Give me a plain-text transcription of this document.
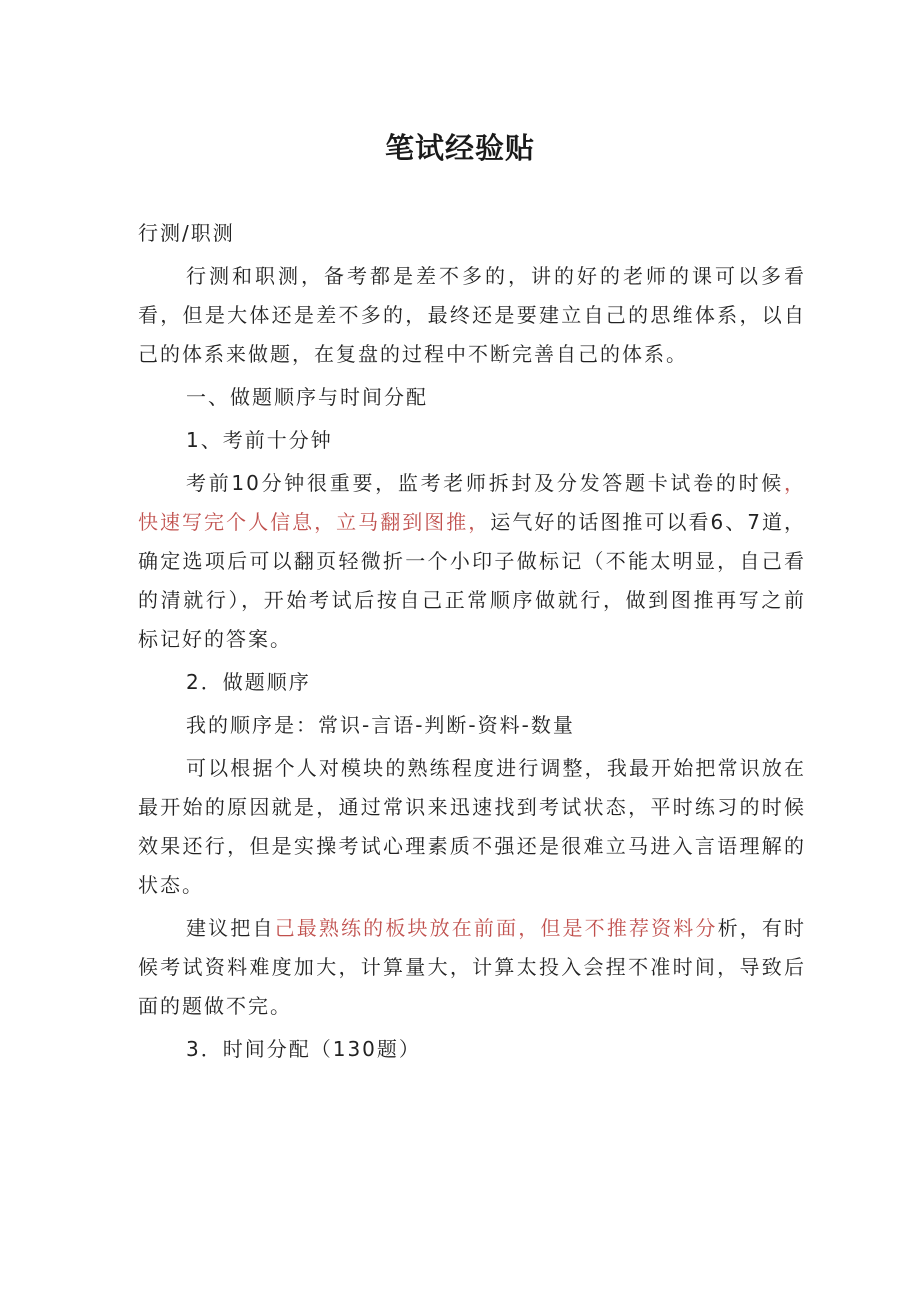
笔试经验贴

行测/职测

行测和职测，备考都是差不多的，讲的好的老师的课可以多看看，但是大体还是差不多的，最终还是要建立自己的思维体系，以自己的体系来做题，在复盘的过程中不断完善自己的体系。

一、做题顺序与时间分配

1、考前十分钟

考前10分钟很重要，监考老师拆封及分发答题卡试卷的时候，快速写完个人信息，立马翻到图推，运气好的话图推可以看6、7道，确定选项后可以翻页轻微折一个小印子做标记（不能太明显，自己看的清就行），开始考试后按自己正常顺序做就行，做到图推再写之前标记好的答案。

2．做题顺序

我的顺序是：常识-言语-判断-资料-数量

可以根据个人对模块的熟练程度进行调整，我最开始把常识放在最开始的原因就是，通过常识来迅速找到考试状态，平时练习的时候效果还行，但是实操考试心理素质不强还是很难立马进入言语理解的状态。

建议把自己最熟练的板块放在前面，但是不推荐资料分析，有时候考试资料难度加大，计算量大，计算太投入会捏不准时间，导致后面的题做不完。

3．时间分配（130题）
